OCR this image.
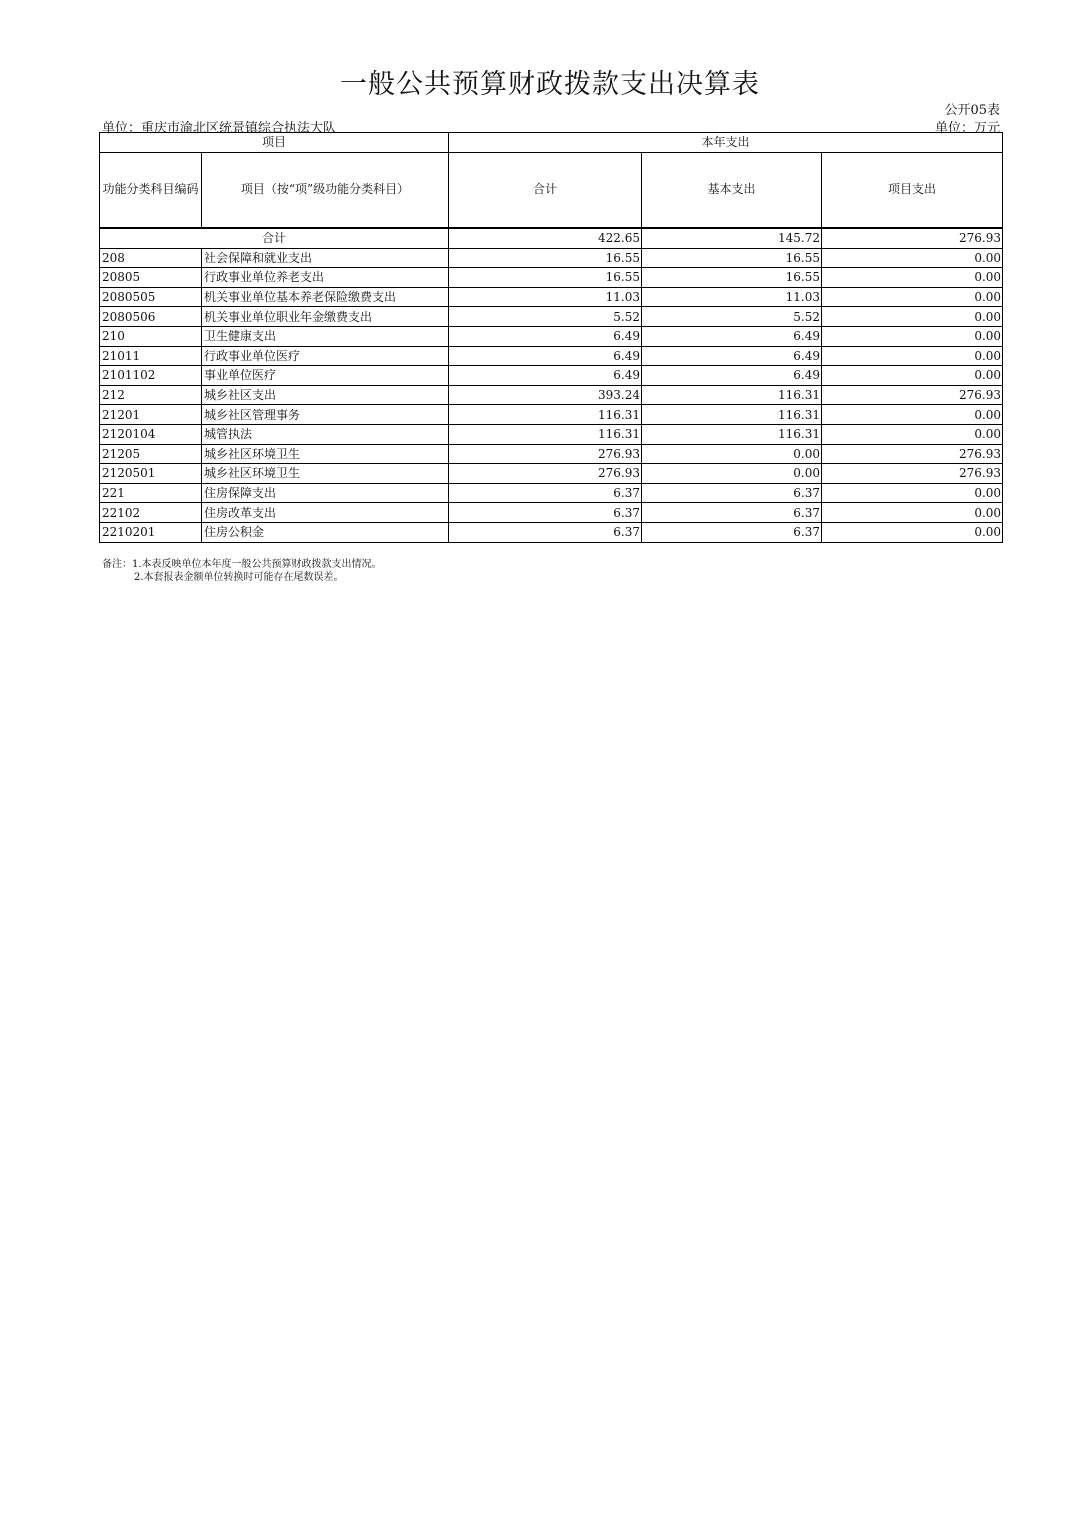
一般公共预算财政拨款支出决算表
公开05表
单位：重庆市渝北区统景镇综合执法大队	单位：万元
项目		本年支出		
功能分类科目编码	项目（按“项”级功能分类科目）	合计	基本支出	项目支出
合计		422.65	145.72	276.93
208	社会保障和就业支出	16.55	16.55	0.00
20805	行政事业单位养老支出	16.55	16.55	0.00
2080505	机关事业单位基本养老保险缴费支出	11.03	11.03	0.00
2080506	机关事业单位职业年金缴费支出	5.52	5.52	0.00
210	卫生健康支出	6.49	6.49	0.00
21011	行政事业单位医疗	6.49	6.49	0.00
2101102	事业单位医疗	6.49	6.49	0.00
212	城乡社区支出	393.24	116.31	276.93
21201	城乡社区管理事务	116.31	116.31	0.00
2120104	城管执法	116.31	116.31	0.00
21205	城乡社区环境卫生	276.93	0.00	276.93
2120501	城乡社区环境卫生	276.93	0.00	276.93
221	住房保障支出	6.37	6.37	0.00
22102	住房改革支出	6.37	6.37	0.00
2210201	住房公积金	6.37	6.37	0.00
备注：1.本表反映单位本年度一般公共预算财政拨款支出情况。
2.本套报表金额单位转换时可能存在尾数误差。
